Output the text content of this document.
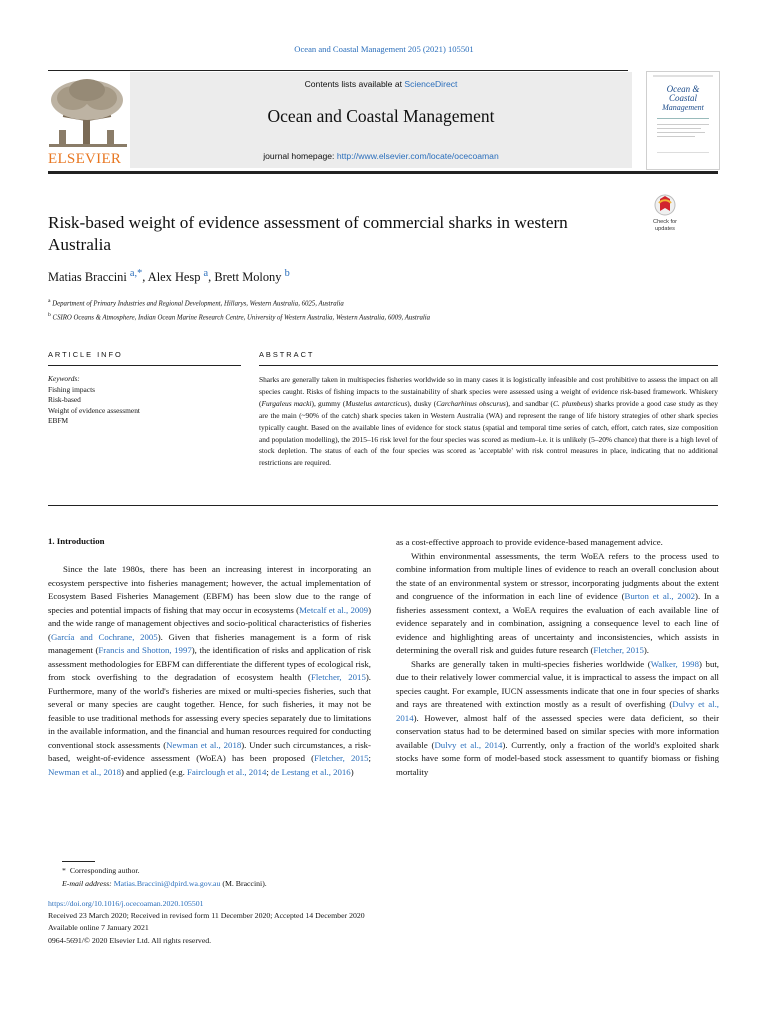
Ocean and Coastal Management 205 (2021) 105501
ELSEVIER
Contents lists available at ScienceDirect
Ocean and Coastal Management
journal homepage: http://www.elsevier.com/locate/ocecoaman
Ocean &
Coastal
Management
Risk-based weight of evidence assessment of commercial sharks in western Australia
Check for
updates
Matias Braccini $^{a,*}$, Alex Hesp $^a$, Brett Molony $^b$
$^a$ Department of Primary Industries and Regional Development, Hillarys, Western Australia, 6025, Australia
$^b$ CSIRO Oceans & Atmosphere, Indian Ocean Marine Research Centre, University of Western Australia, Western Australia, 6009, Australia
ARTICLE INFO	ABSTRACT
Keywords:
Fishing impacts
Risk-based
Weight of evidence assessment
EBFM
Sharks are generally taken in multispecies fisheries worldwide so in many cases it is logistically infeasible and cost prohibitive to assess the impact on all species caught. Risks of fishing impacts to the sustainability of shark species were assessed using a weight of evidence risk-based framework. Whiskery (Furgaleus macki), gummy (Mustelus antarcticus), dusky (Carcharhinus obscurus), and sandbar (C. plumbeus) sharks provide a good case study as they are the main (~90% of the catch) shark species taken in Western Australia (WA) and represent the range of life history strategies of other shark species typically caught. Based on the available lines of evidence for stock status (spatial and temporal time series of catch, effort, catch rates, size composition and population modelling), the 2015–16 risk level for the four species was scored as medium–i.e. it is unlikely (5–20% chance) that there is a high level of stock depletion. The status of each of the four species was scored as 'acceptable' with risk control measures in place, indicating that no additional restrictions are required.
1. Introduction

Since the late 1980s, there has been an increasing interest in incorporating an ecosystem perspective into fisheries management; however, the actual implementation of Ecosystem Based Fisheries Management (EBFM) has been slow due to the range of species and potential impacts of fishing that may occur in ecosystems (Metcalf et al., 2009) and the wide range of management objectives and socio-political characteristics of fisheries (García and Cochrane, 2005). Given that fisheries management is a form of risk management (Francis and Shotton, 1997), the identification of risks and application of risk assessment methodologies for EBFM can differentiate the different types of ecological risk, from stock overfishing to the degradation of ecosystem health (Fletcher, 2015). Furthermore, many of the world's fisheries are mixed or multi-species fisheries, such that several or many species are caught together. Hence, for such fisheries, it may not be feasible to use traditional methods for assessing every species separately due to limitations in the available information, and the financial and human resources required for conducting conventional stock assessments (Newman et al., 2018). Under such circumstances, a risk-based, weight-of-evidence assessment (WoEA) has been proposed (Fletcher, 2015; Newman et al., 2018) and applied (e.g. Fairclough et al., 2014; de Lestang et al., 2016)

as a cost-effective approach to provide evidence-based management advice.

Within environmental assessments, the term WoEA refers to the process used to combine information from multiple lines of evidence to reach an overall conclusion about the state of an environmental system or stressor, incorporating judgments about the extent and congruence of the information in each line of evidence (Burton et al., 2002). In a fisheries assessment context, a WoEA requires the evaluation of each available line of evidence separately and in combination, assigning a consequence level to each line of evidence and highlighting areas of uncertainty and inconsistencies, which assists in determining the overall risk and guides future research (Fletcher, 2015).

Sharks are generally taken in multi-species fisheries worldwide (Walker, 1998) but, due to their relatively lower commercial value, it is impractical to assess the impact on all species caught. For example, IUCN assessments indicate that one in four species of sharks and rays are threatened with extinction mostly as a result of overfishing (Dulvy et al., 2014). However, almost half of the assessed species were data deficient, so their conservation status had to be determined based on similar species with more information available (Dulvy et al., 2014). Currently, only a fraction of the world's exploited shark stocks have some form of model-based stock assessment to quantify biomass or fishing mortality

* Corresponding author.
E-mail address: Matias.Braccini@dpird.wa.gov.au (M. Braccini).
https://doi.org/10.1016/j.ocecoaman.2020.105501
Received 23 March 2020; Received in revised form 11 December 2020; Accepted 14 December 2020
Available online 7 January 2021
0964-5691/© 2020 Elsevier Ltd. All rights reserved.
